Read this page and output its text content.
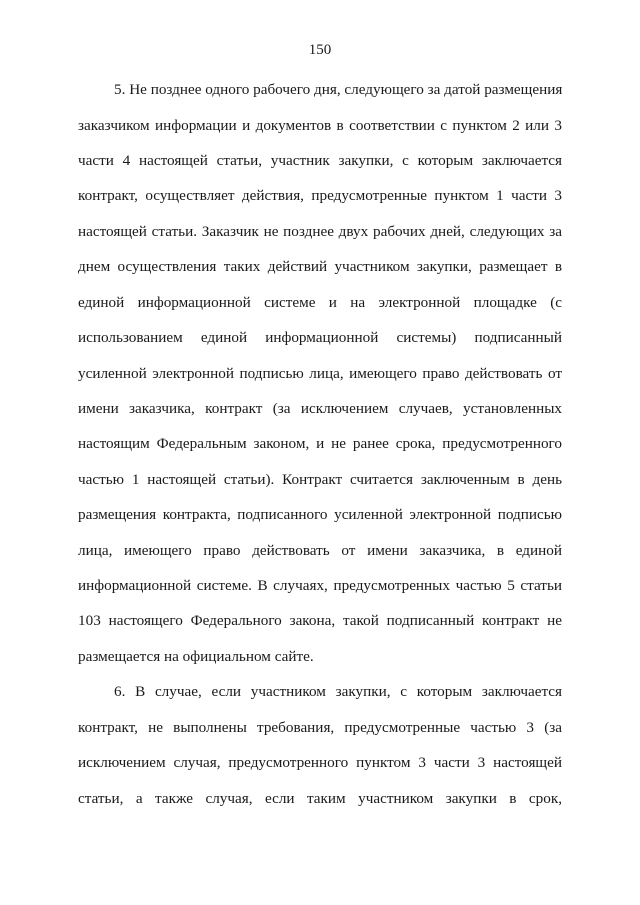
150
5. Не позднее одного рабочего дня, следующего за датой размещения
заказчиком информации и документов в соответствии с пунктом 2 или 3
части 4 настоящей статьи, участник закупки, с которым заключается
контракт, осуществляет действия, предусмотренные пунктом 1 части 3
настоящей статьи. Заказчик не позднее двух рабочих дней, следующих за
днем осуществления таких действий участником закупки, размещает в
единой информационной системе и на электронной площадке (с
использованием единой информационной системы) подписанный
усиленной электронной подписью лица, имеющего право действовать от
имени заказчика, контракт (за исключением случаев, установленных
настоящим Федеральным законом, и не ранее срока, предусмотренного
частью 1 настоящей статьи). Контракт считается заключенным в день
размещения контракта, подписанного усиленной электронной подписью
лица, имеющего право действовать от имени заказчика, в единой
информационной системе. В случаях, предусмотренных частью 5 статьи
103 настоящего Федерального закона, такой подписанный контракт не
размещается на официальном сайте.
6. В случае, если участником закупки, с которым заключается
контракт, не выполнены требования, предусмотренные частью 3 (за
исключением случая, предусмотренного пунктом 3 части 3 настоящей
статьи, а также случая, если таким участником закупки в срок,
